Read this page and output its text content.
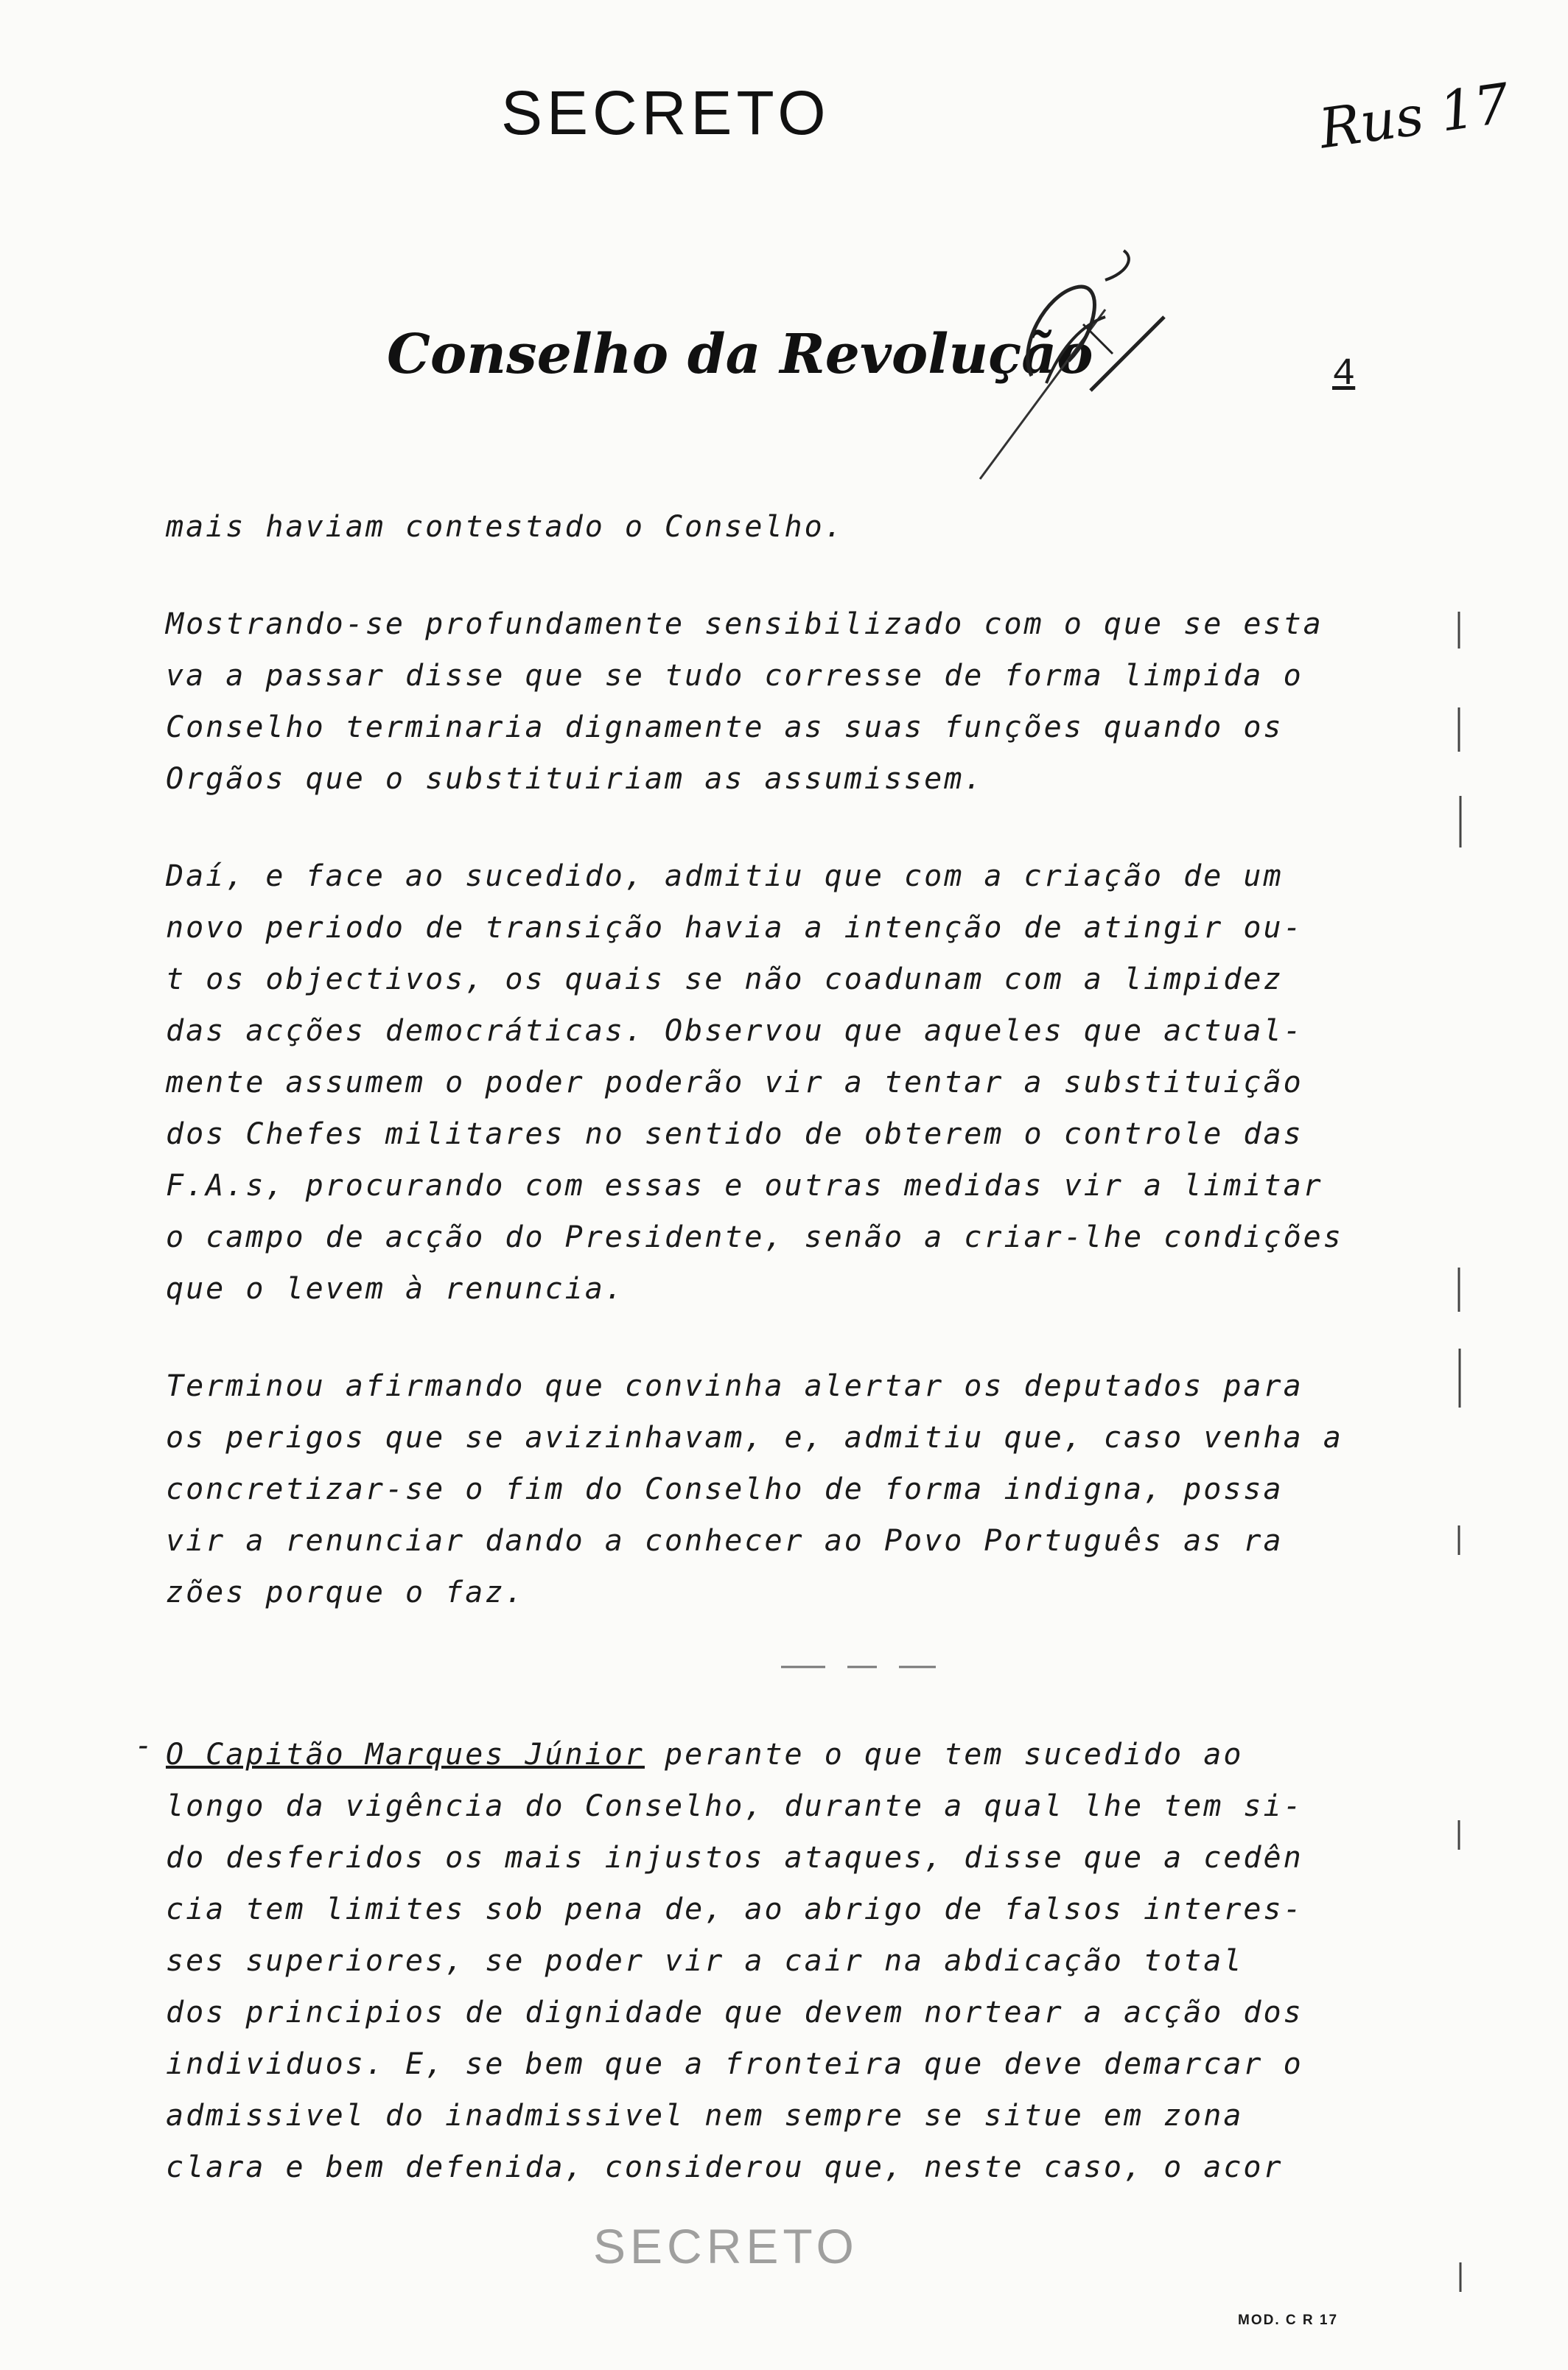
SECRETO	Rus 17

Conselho da Revolução	4

mais haviam contestado o Conselho.
Mostrando-se profundamente sensibilizado com o que se esta
va a passar disse que se tudo corresse de forma limpida o
Conselho terminaria dignamente as suas funções quando os
Orgãos que o substituiriam as assumissem.
Daí, e face ao sucedido, admitiu que com a criação de um
novo periodo de transição havia a intenção de atingir ou-
t os objectivos, os quais se não coadunam com a limpidez
das acções democráticas. Observou que aqueles que actual-
mente assumem o poder poderão vir a tentar a substituição
dos Chefes militares no sentido de obterem o controle das
F.A.s, procurando com essas e outras medidas vir a limitar
o campo de acção do Presidente, senão a criar-lhe condições
que o levem à renuncia.
Terminou afirmando que convinha alertar os deputados para
os perigos que se avizinhavam, e, admitiu que, caso venha a
concretizar-se o fim do Conselho de forma indigna, possa
vir a renunciar dando a conhecer ao Povo Português as ra
zões porque o faz.
- O Capitão Marques Júnior perante o que tem sucedido ao
longo da vigência do Conselho, durante a qual lhe tem si-
do desferidos os mais injustos ataques, disse que a cedên
cia tem limites sob pena de, ao abrigo de falsos interes-
ses superiores, se poder vir a cair na abdicação total
dos principios de dignidade que devem nortear a acção dos
individuos. E, se bem que a fronteira que deve demarcar o
admissivel do inadmissivel nem sempre se situe em zona
clara e bem defenida, considerou que, neste caso, o acor

SECRETO

MOD. C R 17
